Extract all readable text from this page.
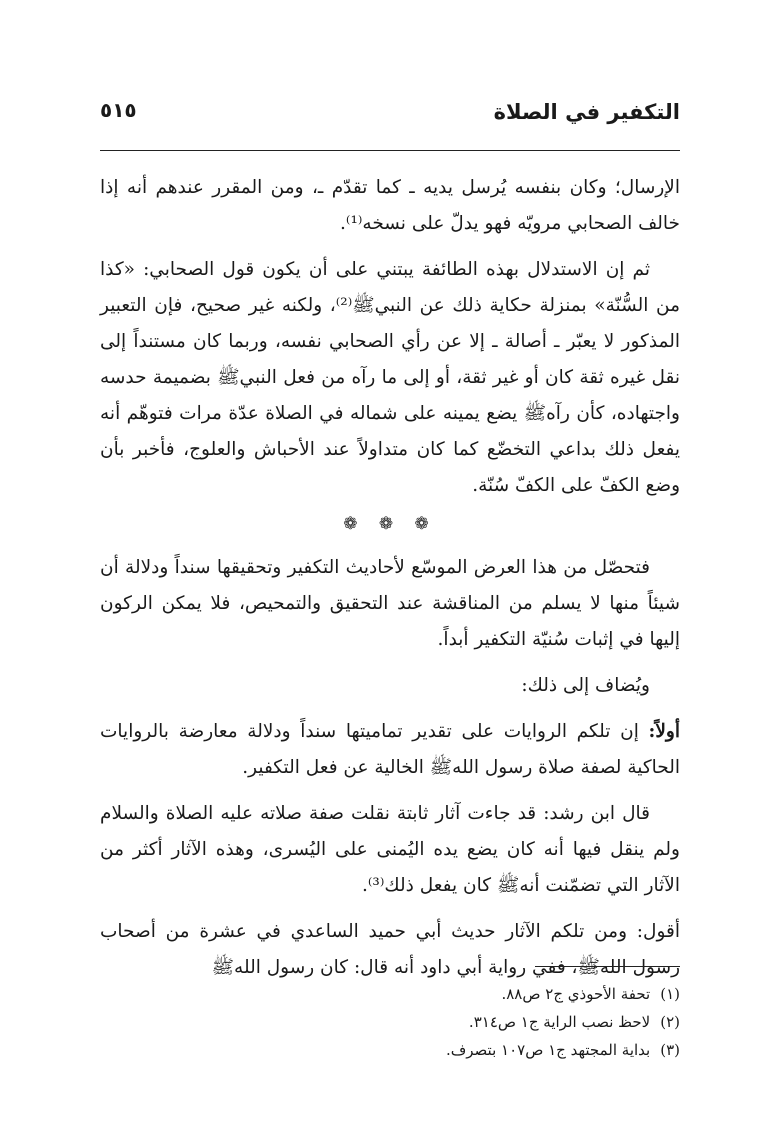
التكفير في الصلاة
٥١٥

الإرسال؛ وكان بنفسه يُرسل يديه ـ كما تقدّم ـ، ومن المقرر عندهم أنه إذا خالف الصحابي مرويّه فهو يدلّ على نسخه⁽¹⁾.

ثم إن الاستدلال بهذه الطائفة يبتني على أن يكون قول الصحابي: «كذا من السُّنّة» بمنزلة حكاية ذلك عن النبيﷺ⁽²⁾، ولكنه غير صحيح، فإن التعبير المذكور لا يعبّر ـ أصالة ـ إلا عن رأي الصحابي نفسه، وربما كان مستنداً إلى نقل غيره ثقة كان أو غير ثقة، أو إلى ما رآه من فعل النبيﷺ بضميمة حدسه واجتهاده، كأن رآهﷺ يضع يمينه على شماله في الصلاة عدّة مرات فتوهّم أنه يفعل ذلك بداعي التخضّع كما كان متداولاً عند الأحباش والعلوج، فأخبر بأن وضع الكفّ على الكفّ سُنّة.

❁ ❁ ❁

فتحصّل من هذا العرض الموسّع لأحاديث التكفير وتحقيقها سنداً ودلالة أن شيئاً منها لا يسلم من المناقشة عند التحقيق والتمحيص، فلا يمكن الركون إليها في إثبات سُنيّة التكفير أبداً.

ويُضاف إلى ذلك:

أولاً: إن تلكم الروايات على تقدير تماميتها سنداً ودلالة معارضة بالروايات الحاكية لصفة صلاة رسول اللهﷺ الخالية عن فعل التكفير.

قال ابن رشد: قد جاءت آثار ثابتة نقلت صفة صلاته عليه الصلاة والسلام ولم ينقل فيها أنه كان يضع يده اليُمنى على اليُسرى، وهذه الآثار أكثر من الآثار التي تضمّنت أنهﷺ كان يفعل ذلك⁽³⁾.

أقول: ومن تلكم الآثار حديث أبي حميد الساعدي في عشرة من أصحاب رسول اللهﷺ، ففي رواية أبي داود أنه قال: كان رسول اللهﷺ

(١)تحفة الأحوذي ج٢ ص٨٨.

(٢)لاحظ نصب الراية ج١ ص٣١٤.

(٣)بداية المجتهد ج١ ص١٠٧ بتصرف.
